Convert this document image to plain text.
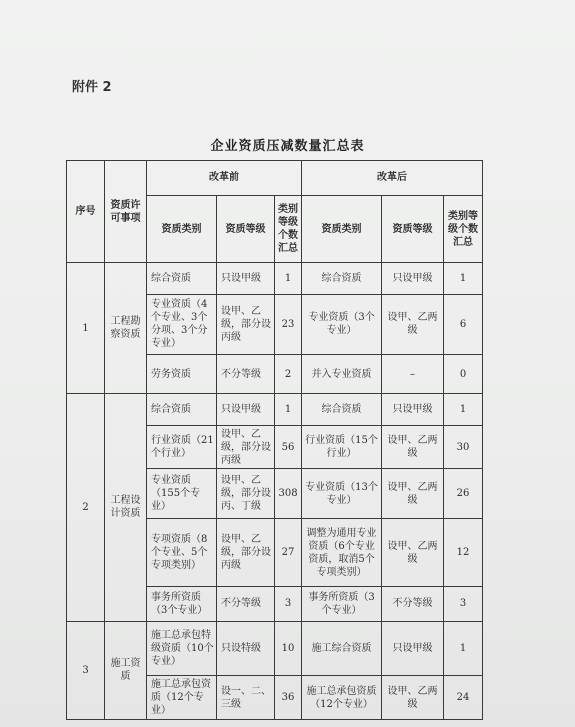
附件 2
企业资质压减数量汇总表
序号	资质许可事项	改革前			改革后		
		资质类别	资质等级	类别等级个数汇总	资质类别	资质等级	类别等级个数汇总
1	工程勘察资质	综合资质	只设甲级	1	综合资质	只设甲级	1
		专业资质（4个专业、3个分项、3个分专业）	设甲、乙级，部分设丙级	23	专业资质（3个专业）	设甲、乙两级	6
		劳务资质	不分等级	2	并入专业资质	–	0
2	工程设计资质	综合资质	只设甲级	1	综合资质	只设甲级	1
		行业资质（21个行业）	设甲、乙级，部分设丙级	56	行业资质（15个行业）	设甲、乙两级	30
		专业资质（155个专业）	设甲、乙级，部分设丙、丁级	308	专业资质（13个专业）	设甲、乙两级	26
		专项资质（8个专业、5个专项类别）	设甲、乙级，部分设丙级	27	调整为通用专业资质（6个专业资质，取消5个专项类别）	设甲、乙两级	12
		事务所资质（3个专业）	不分等级	3	事务所资质（3个专业）	不分等级	3
3	施工资质	施工总承包特级资质（10个专业）	只设特级	10	施工综合资质	只设甲级	1
		施工总承包资质（12个专业）	设一、二、三级	36	施工总承包资质（12个专业）	设甲、乙两级	24
